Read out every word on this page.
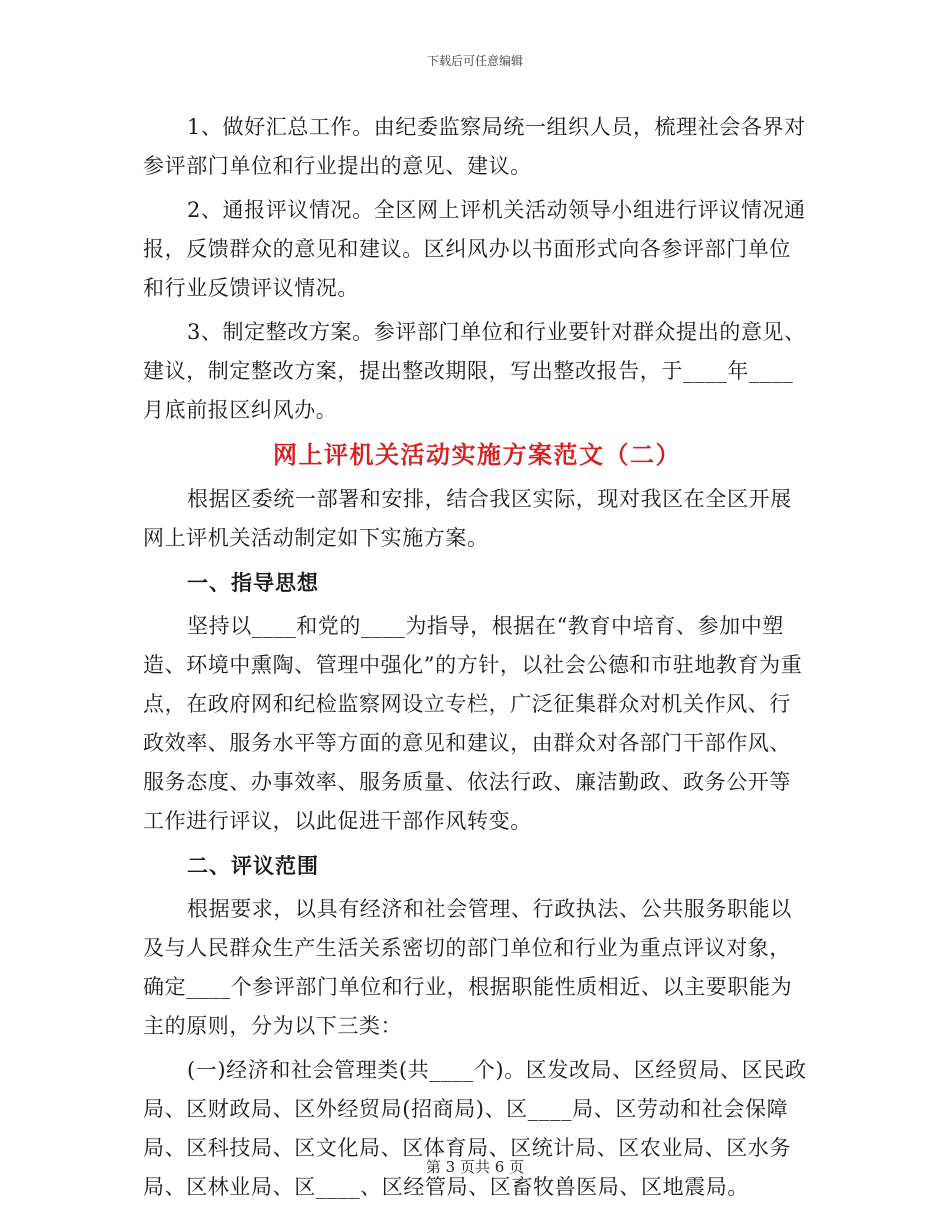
下载后可任意编辑

1、做好汇总工作。由纪委监察局统一组织人员，梳理社会各界对参评部门单位和行业提出的意见、建议。

2、通报评议情况。全区网上评机关活动领导小组进行评议情况通报，反馈群众的意见和建议。区纠风办以书面形式向各参评部门单位和行业反馈评议情况。

3、制定整改方案。参评部门单位和行业要针对群众提出的意见、建议，制定整改方案，提出整改期限，写出整改报告，于____年____月底前报区纠风办。

网上评机关活动实施方案范文（二）

根据区委统一部署和安排，结合我区实际，现对我区在全区开展网上评机关活动制定如下实施方案。

一、指导思想

坚持以____和党的____为指导，根据在“教育中培育、参加中塑造、环境中熏陶、管理中强化”的方针，以社会公德和市驻地教育为重点，在政府网和纪检监察网设立专栏，广泛征集群众对机关作风、行政效率、服务水平等方面的意见和建议，由群众对各部门干部作风、服务态度、办事效率、服务质量、依法行政、廉洁勤政、政务公开等工作进行评议，以此促进干部作风转变。

二、评议范围

根据要求，以具有经济和社会管理、行政执法、公共服务职能以及与人民群众生产生活关系密切的部门单位和行业为重点评议对象，确定____个参评部门单位和行业，根据职能性质相近、以主要职能为主的原则，分为以下三类：

(一)经济和社会管理类(共____个)。区发改局、区经贸局、区民政局、区财政局、区外经贸局(招商局)、区____局、区劳动和社会保障局、区科技局、区文化局、区体育局、区统计局、区农业局、区水务局、区林业局、区____、区经管局、区畜牧兽医局、区地震局。

第 3 页共 6 页
